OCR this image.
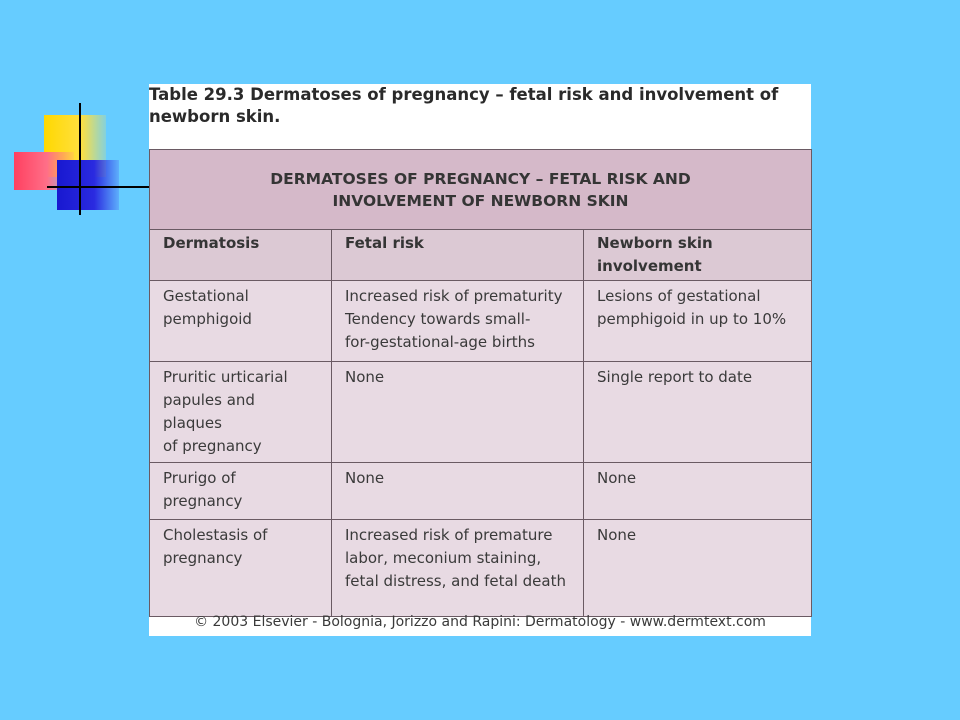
Table 29.3 Dermatoses of pregnancy – fetal risk and involvement of
newborn skin.
DERMATOSES OF PREGNANCY – FETAL RISK AND
INVOLVEMENT OF NEWBORN SKIN		

Dermatosis	Fetal risk	Newborn skin
involvement

Gestational
pemphigoid	Increased risk of prematurity
Tendency towards small-
for-gestational-age births	Lesions of gestational
pemphigoid in up to 10%

Pruritic urticarial
papules and plaques
of pregnancy	None	Single report to date

Prurigo of
pregnancy	None	None

Cholestasis of
pregnancy	Increased risk of premature
labor, meconium staining,
fetal distress, and fetal death	None
© 2003 Elsevier - Bolognia, Jorizzo and Rapini: Dermatology - www.dermtext.com
